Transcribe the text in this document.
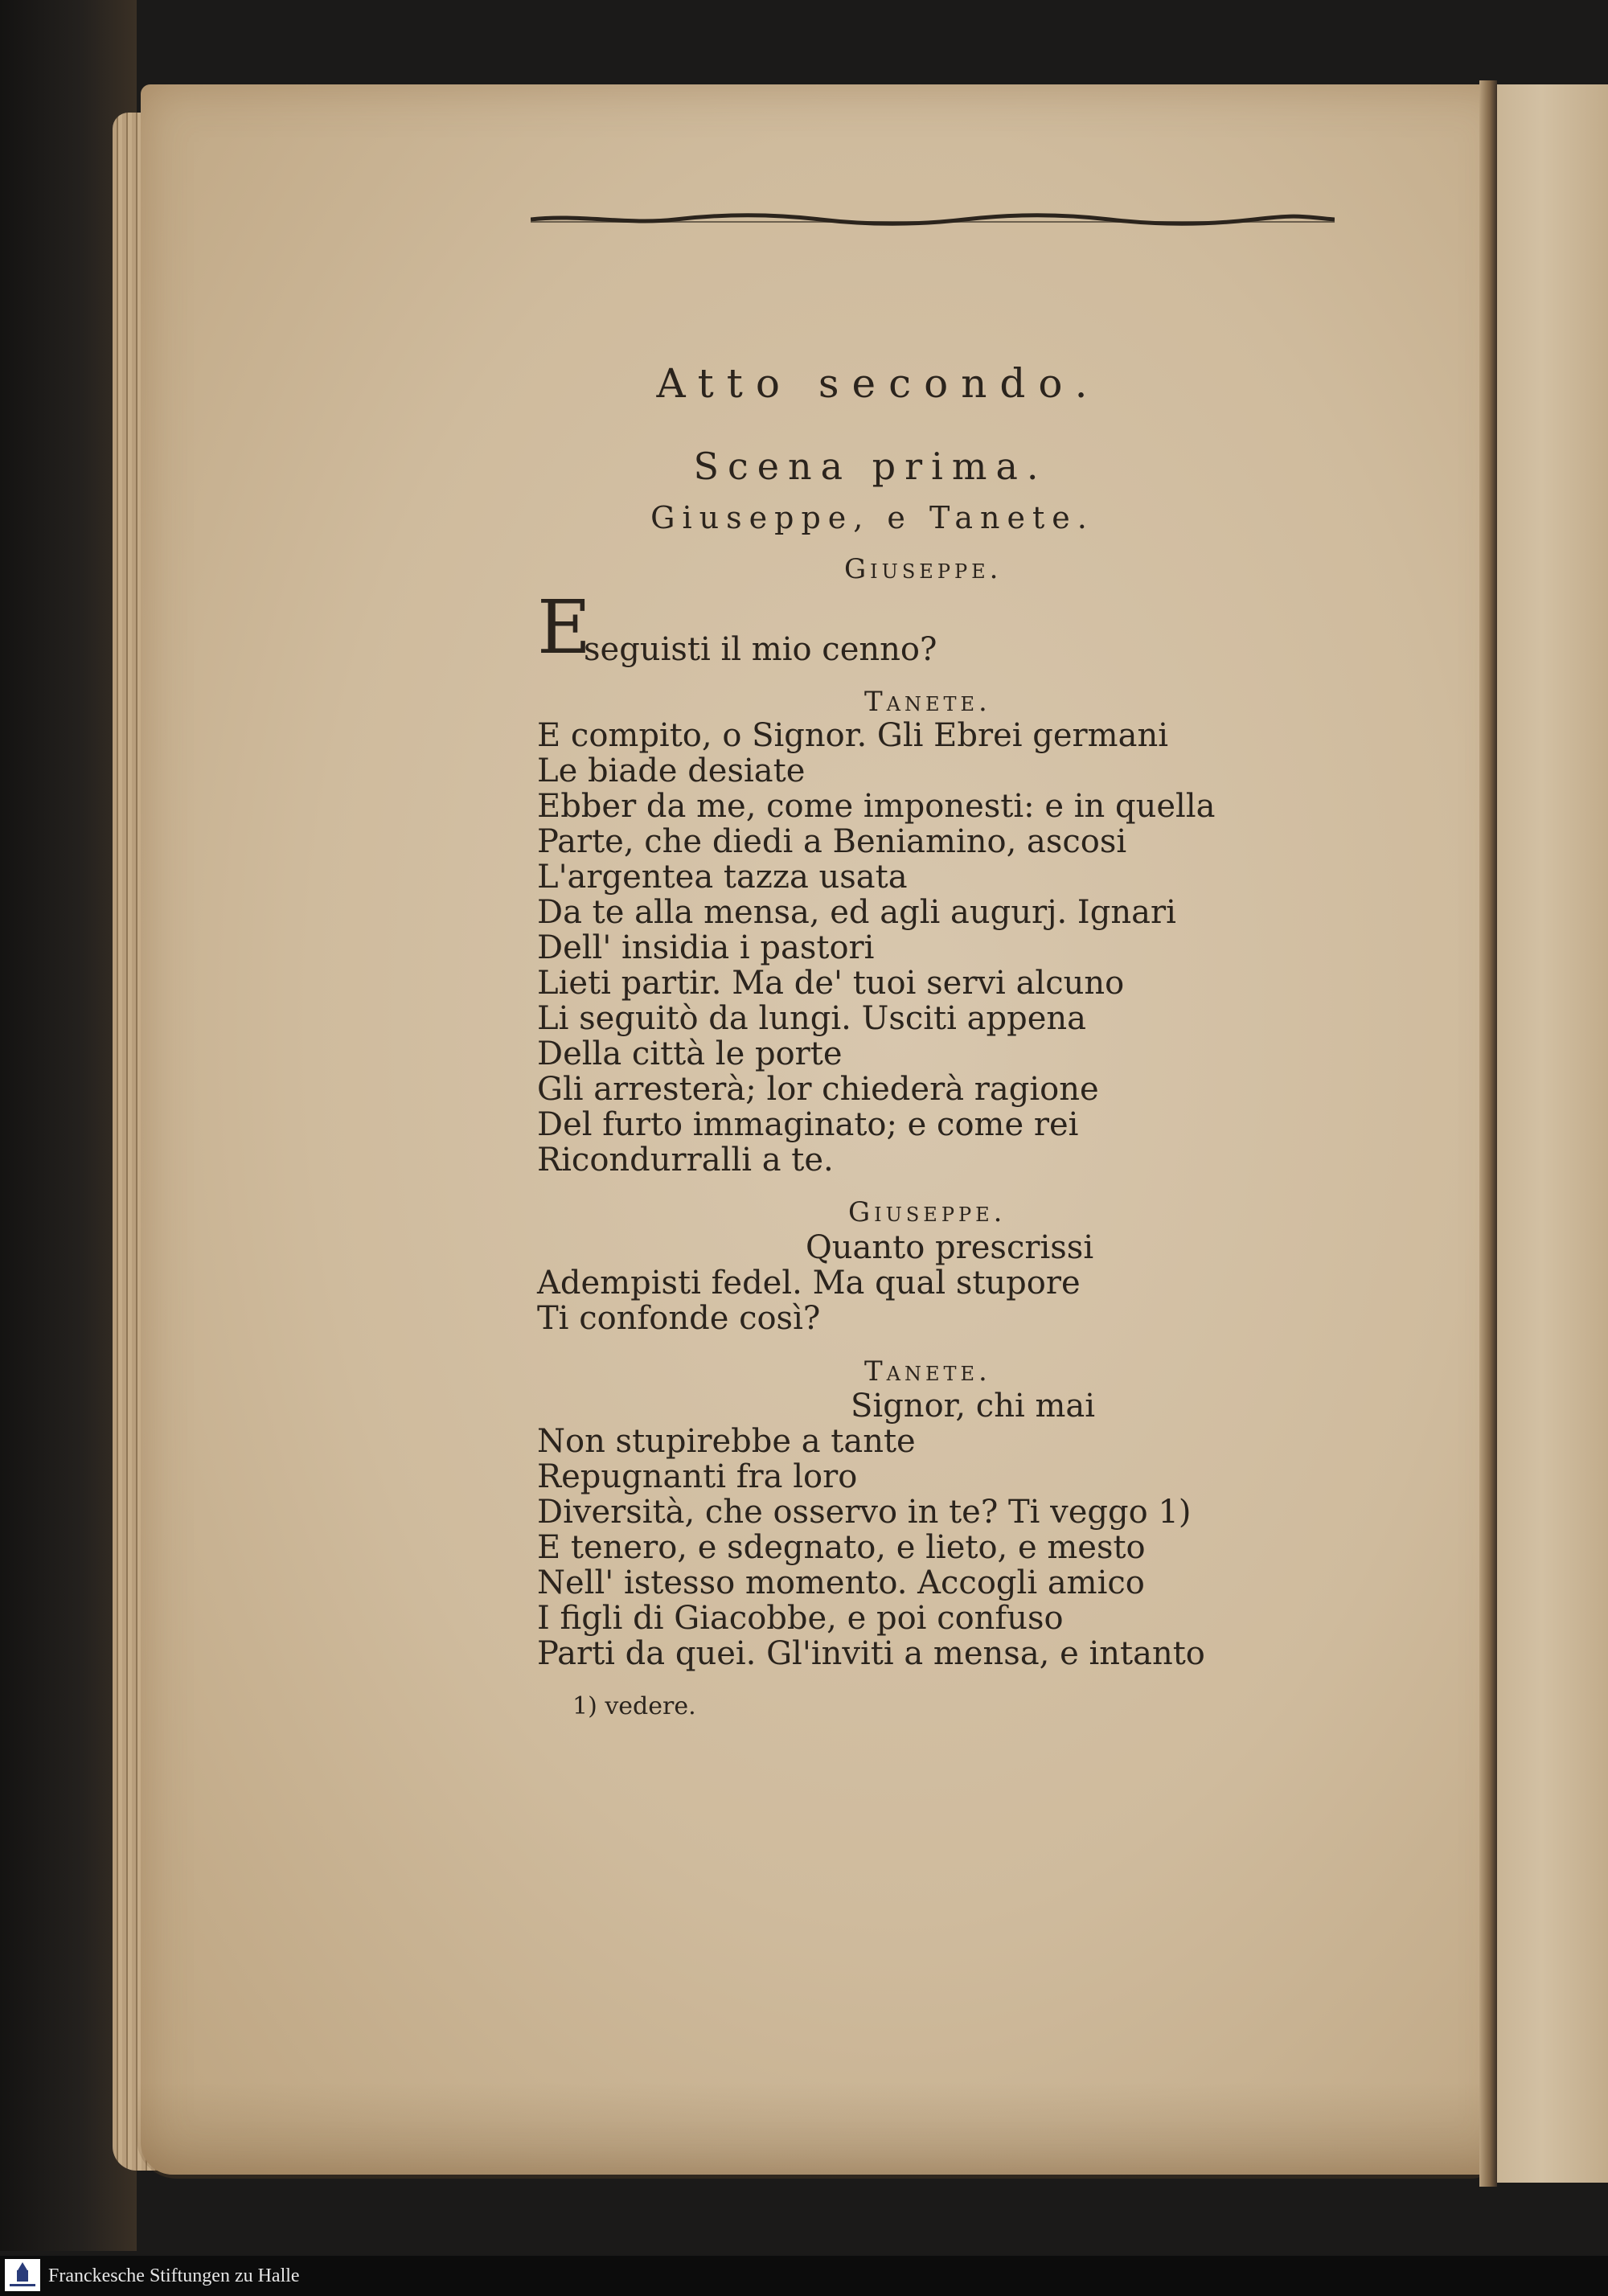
Atto secondo.
Scena prima.
Giuseppe, e Tanete.
Giuseppe.
E
seguisti il mio cenno?
Tanete.
E compito, o Signor. Gli Ebrei germani
Le biade desiate
Ebber da me, come imponesti: e in quella
Parte, che diedi a Beniamino, ascosi
L'argentea tazza usata
Da te alla mensa, ed agli augurj. Ignari
Dell' insidia i pastori
Lieti partir. Ma de' tuoi servi alcuno
Li seguitò da lungi. Usciti appena
Della città le porte
Gli arresterà; lor chiederà ragione
Del furto immaginato; e come rei
Ricondurralli a te.
Giuseppe.
Quanto prescrissi
Adempisti fedel. Ma qual stupore
Ti confonde così?
Tanete.
Signor, chi mai
Non stupirebbe a tante
Repugnanti fra loro
Diversità, che osservo in te? Ti veggo 1)
E tenero, e sdegnato, e lieto, e mesto
Nell' istesso momento. Accogli amico
I figli di Giacobbe, e poi confuso
Parti da quei. Gl'inviti a mensa, e intanto
1) vedere.
Franckesche Stiftungen zu Halle
